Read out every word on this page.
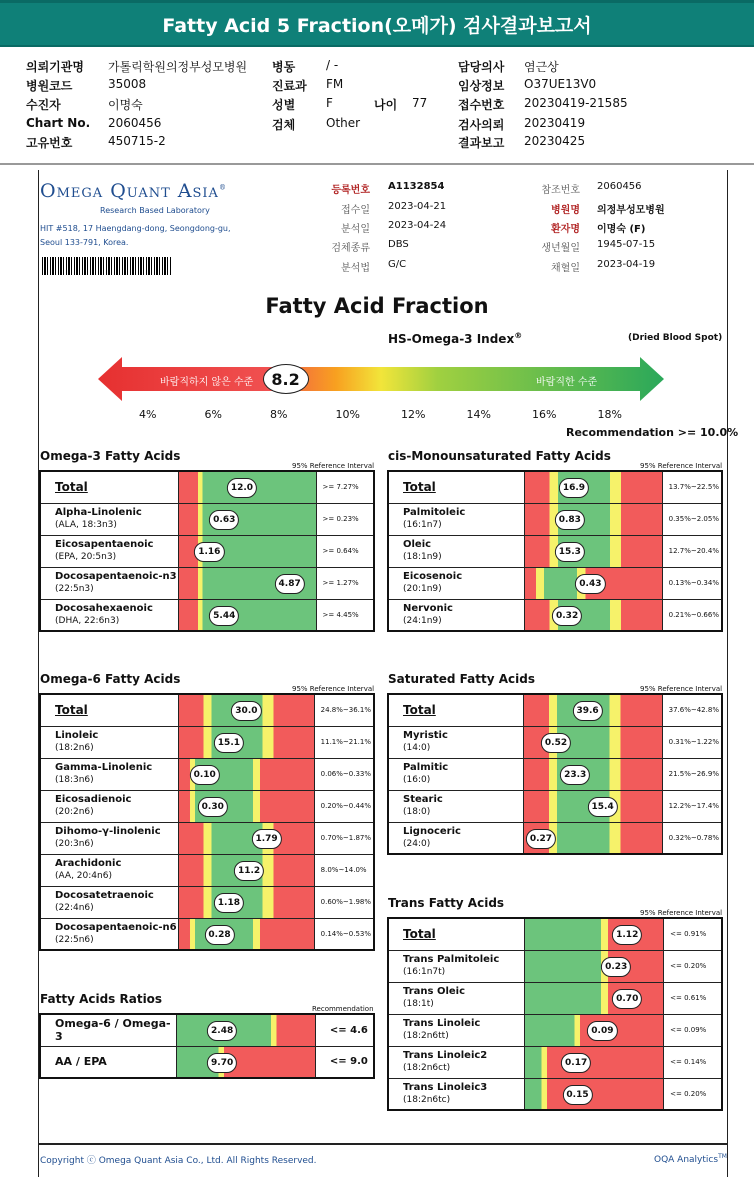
Fatty Acid 5 Fraction(오메가) 검사결과보고서
의뢰기관명 가톨릭학원의정부성모병원
병원코드	35008
수진자	이명숙
Chart No. 2060456
고유번호	450715-2
병동	/ -
진료과 FM
성별	F
검체	Other
나이 77
담당의사 염근상
임상정보 O37UE13V0
접수번호 20230419-21585
검사의뢰 20230419
결과보고 20230425
Omega Quant Asia®
Research Based Laboratory
HIT #518, 17 Haengdang-dong, Seongdong-gu,
Seoul 133-791, Korea.
등록번호 A1132854
접수일 2023-04-21
분석일 2023-04-24
검체종류 DBS
분석법 G/C
참조번호 2060456
병원명 의정부성모병원
환자명 이명숙 (F)
생년월일 1945-07-15
채혈일 2023-04-19
Fatty Acid Fraction
HS-Omega-3 Index®	(Dried Blood Spot)
바람직하지 않은 수준	바람직한 수준
8.2
4%	6%	8%	10%	12%	14%	16%	18%
Recommendation >= 10.0%
Omega-3 Fatty Acids
95% Reference Interval
Total	12.0	>= 7.27%

Alpha-Linolenic
(ALA, 18:3n3)	0.63	>= 0.23%

Eicosapentaenoic
(EPA, 20:5n3)	1.16	>= 0.64%

Docosapentaenoic-n3
(22:5n3)	4.87	>= 1.27%

Docosahexaenoic
(DHA, 22:6n3)	5.44	>= 4.45%
cis-Monounsaturated Fatty Acids
95% Reference Interval
Total	16.9	13.7%~22.5%

Palmitoleic
(16:1n7)	0.83	0.35%~2.05%

Oleic
(18:1n9)	15.3	12.7%~20.4%

Eicosenoic
(20:1n9)	0.43	0.13%~0.34%

Nervonic
(24:1n9)	0.32	0.21%~0.66%
Omega-6 Fatty Acids
95% Reference Interval
Total	30.0	24.8%~36.1%

Linoleic
(18:2n6)	15.1	11.1%~21.1%

Gamma-Linolenic
(18:3n6)	0.10	0.06%~0.33%

Eicosadienoic
(20:2n6)	0.30	0.20%~0.44%

Dihomo-γ-linolenic
(20:3n6)	1.79	0.70%~1.87%

Arachidonic
(AA, 20:4n6)	11.2	8.0%~14.0%

Docosatetraenoic
(22:4n6)	1.18	0.60%~1.98%

Docosapentaenoic-n6
(22:5n6)	0.28	0.14%~0.53%
Saturated Fatty Acids
95% Reference Interval
Total	39.6	37.6%~42.8%

Myristic
(14:0)	0.52	0.31%~1.22%

Palmitic
(16:0)	23.3	21.5%~26.9%

Stearic
(18:0)	15.4	12.2%~17.4%

Lignoceric
(24:0)	0.27	0.32%~0.78%
Trans Fatty Acids
95% Reference Interval
Total	1.12	<= 0.91%

Trans Palmitoleic
(16:1n7t)	0.23	<= 0.20%

Trans Oleic
(18:1t)	0.70	<= 0.61%

Trans Linoleic
(18:2n6tt)	0.09	<= 0.09%

Trans Linoleic2
(18:2n6ct)	0.17	<= 0.14%

Trans Linoleic3
(18:2n6tc)	0.15	<= 0.20%
Fatty Acids Ratios
Recommendation
Omega-6 / Omega-3	2.48	<= 4.6

AA / EPA	9.70	<= 9.0
Copyright ⓒ Omega Quant Asia Co., Ltd. All Rights Reserved.	OQA Analytics™
